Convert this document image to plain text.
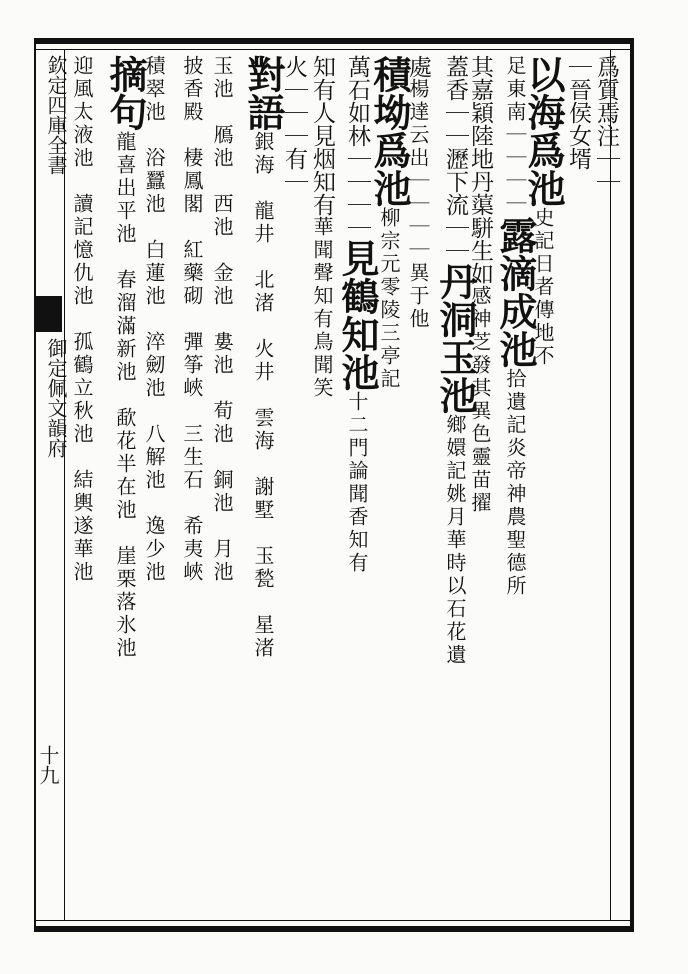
欽定四庫全書
御定佩文韻府
十九
爲質焉注｜｜
｜晉侯女壻
以海爲池史記日者傳地不
足東南｜｜｜｜露滴成池拾遺記炎帝神農聖德所
其嘉穎陸地丹蕖駢生如感神芝發其異色靈苗擢
蓋香｜｜瀝下流｜｜丹洞玉池鄉嬛記姚月華時以石花遺
處楊達云出｜｜｜｜異于他
積坳爲池柳宗元零陵三亭記
萬石如林｜｜｜｜見鶴知池十二門論聞香知有
知有人見烟知有華聞聲知有鳥聞笑
火｜｜｜有｜
對語銀海　龍井　北渚　火井　雲海　謝墅　玉甃　星渚
玉池　鴈池　西池　金池　婁池　荀池　銅池　月池
披香殿　棲鳳閣　紅藥砌　彈筝峽　三生石　希夷峽
積翠池　浴蠶池　白蓮池　淬劒池　八解池　逸少池
摘句龍喜出平池　春溜滿新池　歃花半在池　崖栗落氷池
迎風太液池　讀記憶仇池　孤鶴立秋池　結輿遂華池
